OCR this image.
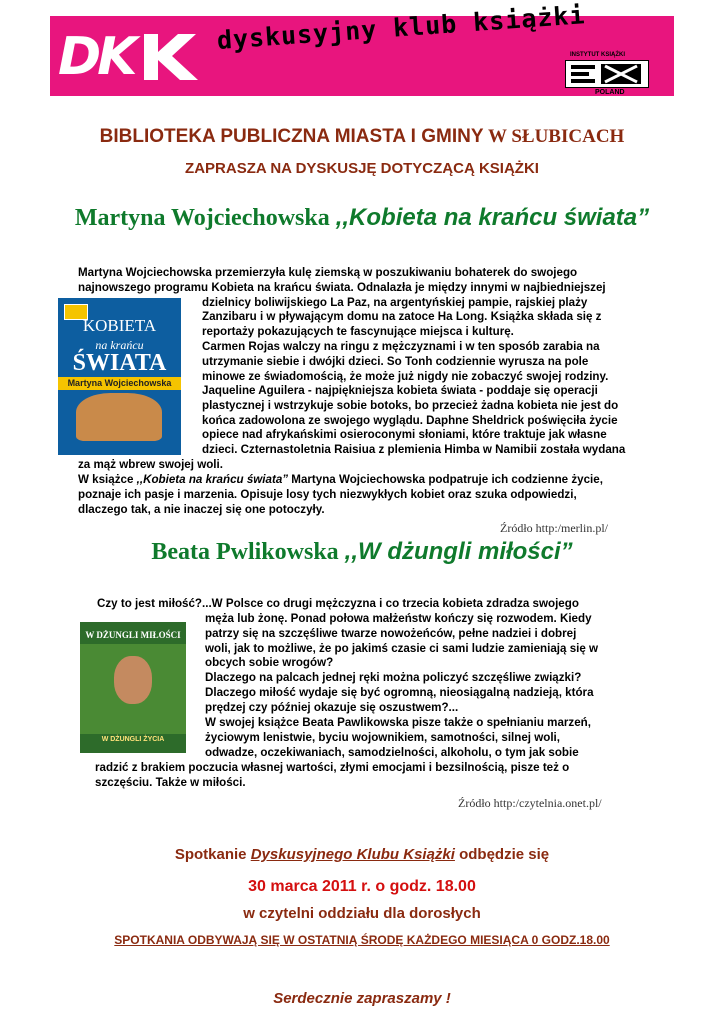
DK	dyskusyjny klub książki
INSTYTUT KSIĄŻKI
POLAND
BIBLIOTEKA PUBLICZNA MIASTA I GMINY W SŁUBICACH
ZAPRASZA NA DYSKUSJĘ DOTYCZĄCĄ KSIĄŻKI
Martyna Wojciechowska ,,Kobieta na krańcu świata”
KOBIETA
na krańcu
ŚWIATA
Martyna Wojciechowska
Martyna Wojciechowska przemierzyła kulę ziemską w poszukiwaniu bohaterek do swojego
najnowszego programu Kobieta na krańcu świata. Odnalazła je między innymi w najbiedniejszej
dzielnicy boliwijskiego La Paz, na argentyńskiej pampie, rajskiej plaży
Zanzibaru i w pływającym domu na zatoce Ha Long. Książka składa się z
reportaży pokazujących te fascynujące miejsca i kulturę.
Carmen Rojas walczy na ringu z mężczyznami i w ten sposób zarabia na
utrzymanie siebie i dwójki dzieci. So Tonh codziennie wyrusza na pole
minowe ze świadomością, że może już nigdy nie zobaczyć swojej rodziny.
Jaqueline Aguilera - najpiękniejsza kobieta świata - poddaje się operacji
plastycznej i wstrzykuje sobie botoks, bo przecież żadna kobieta nie jest do
końca zadowolona ze swojego wyglądu. Daphne Sheldrick poświęciła życie
opiece nad afrykańskimi osieroconymi słoniami, które traktuje jak własne
dzieci. Czternastoletnia Raisiua z plemienia Himba w Namibii została wydana
za mąż wbrew swojej woli.
W książce ,,Kobieta na krańcu świata” Martyna Wojciechowska podpatruje ich codzienne życie,
poznaje ich pasje i marzenia. Opisuje losy tych niezwykłych kobiet oraz szuka odpowiedzi,
dlaczego tak, a nie inaczej się one potoczyły.
Źródło http:/merlin.pl/
Beata Pwlikowska ,,W dżungli miłości”
W DŻUNGLI MIŁOŚCI
W DŻUNGLI ŻYCIA
Czy to jest miłość?...W Polsce co drugi mężczyzna i co trzecia kobieta zdradza swojego
męża lub żonę. Ponad połowa małżeństw kończy się rozwodem. Kiedy
patrzy się na szczęśliwe twarze nowożeńców, pełne nadziei i dobrej
woli, jak to możliwe, że po jakimś czasie ci sami ludzie zamieniają się w
obcych sobie wrogów?
Dlaczego na palcach jednej ręki można policzyć szczęśliwe związki?
Dlaczego miłość wydaje się być ogromną, nieosiągalną nadzieją, która
prędzej czy później okazuje się oszustwem?...
W swojej książce Beata Pawlikowska pisze także o spełnianiu marzeń,
życiowym lenistwie, byciu wojownikiem, samotności, silnej woli,
odwadze, oczekiwaniach, samodzielności, alkoholu, o tym jak sobie
radzić z brakiem poczucia własnej wartości, złymi emocjami i bezsilnością, pisze też o
szczęściu. Także w miłości.
Źródło http:/czytelnia.onet.pl/
Spotkanie Dyskusyjnego Klubu Książki odbędzie się
30 marca 2011 r. o godz. 18.00
w czytelni oddziału dla dorosłych
SPOTKANIA ODBYWAJĄ SIĘ W OSTATNIĄ ŚRODĘ KAŻDEGO MIESIĄCA 0 GODZ.18.00
Serdecznie zapraszamy !
